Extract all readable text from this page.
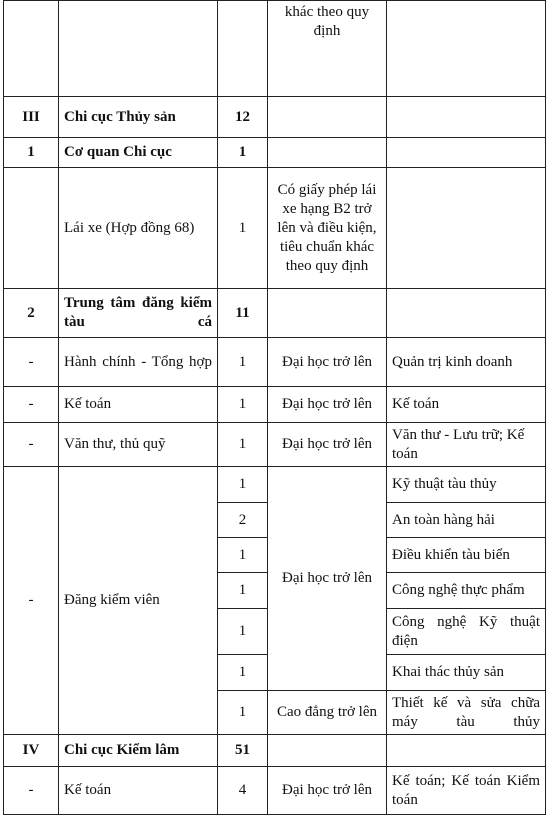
			khác theo quy định	
III	Chi cục Thủy sản	12		
1	Cơ quan Chi cục	1		
	Lái xe (Hợp đồng 68)	1	Có giấy phép lái xe hạng B2 trở lên và điều kiện, tiêu chuẩn khác theo quy định	
2	Trung tâm đăng kiểm tàu cá	11		
-	Hành chính - Tổng hợp	1	Đại học trở lên	Quản trị kinh doanh
-	Kế toán	1	Đại học trở lên	Kế toán
-	Văn thư, thủ quỹ	1	Đại học trở lên	Văn thư - Lưu trữ; Kế toán
-	Đăng kiểm viên	1	Đại học trở lên	Kỹ thuật tàu thủy
		2		An toàn hàng hải
		1		Điều khiển tàu biển
		1		Công nghệ thực phẩm
		1		Công nghệ Kỹ thuật điện
		1		Khai thác thủy sản
		1	Cao đẳng trở lên	Thiết kế và sửa chữa máy tàu thủy
IV	Chi cục Kiểm lâm	51		
-	Kế toán	4	Đại học trở lên	Kế toán; Kế toán Kiểm toán
